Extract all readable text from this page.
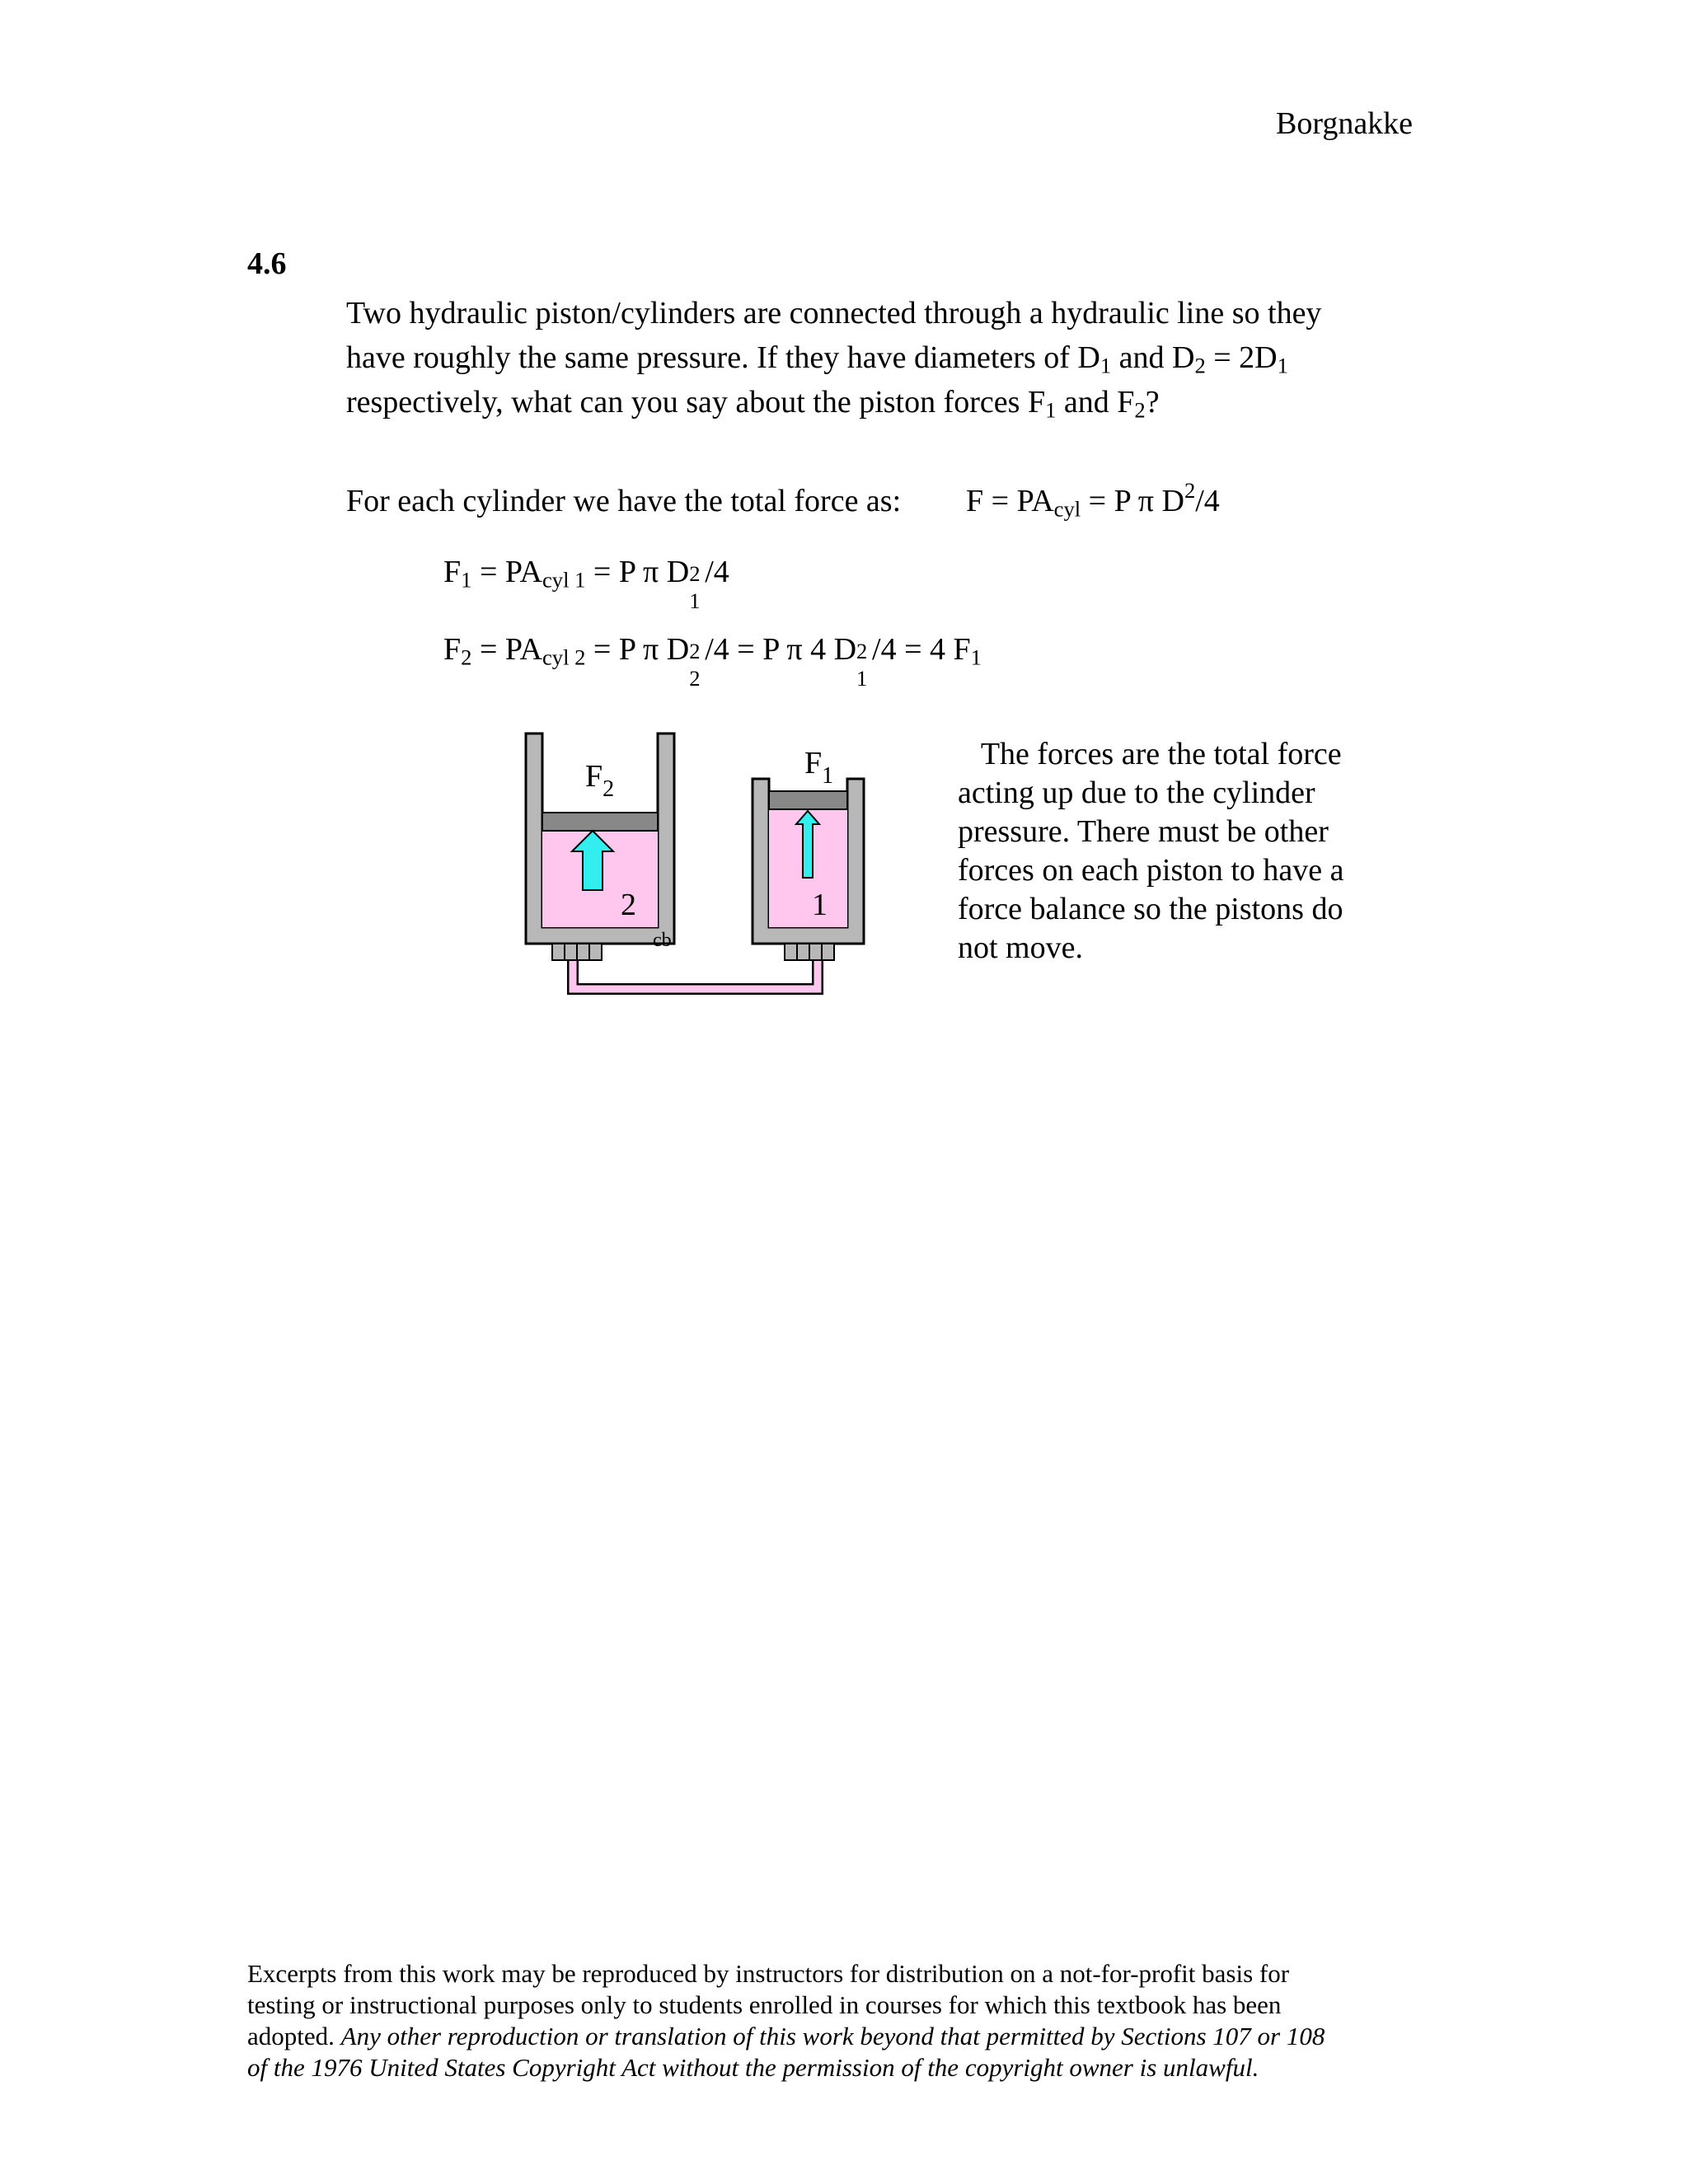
Borgnakke
4.6
Two hydraulic piston/cylinders are connected through a hydraulic line so they
have roughly the same pressure. If they have diameters of $D_1$ and $D_2 = 2D_1$
respectively, what can you say about the piston forces $F_1$ and $F_2$?
For each cylinder we have the total force as: $F = PA_{cyl} = P$ π $D^2/4$
$F_1 = PA_{cyl 1} = P$ π D 2
1
/4
$F_2 = PA_{cyl 2} = P$ π D 2
2
/4 = P π 4 D 2
1
/4 = 4 $F_1$
$F_2$
$F_1$
2	1
cb
The forces are the total force
acting up due to the cylinder
pressure. There must be other
forces on each piston to have a
force balance so the pistons do
not move.
Excerpts from this work may be reproduced by instructors for distribution on a not-for-profit basis for
testing or instructional purposes only to students enrolled in courses for which this textbook has been
adopted. Any other reproduction or translation of this work beyond that permitted by Sections 107 or 108
of the 1976 United States Copyright Act without the permission of the copyright owner is unlawful.
